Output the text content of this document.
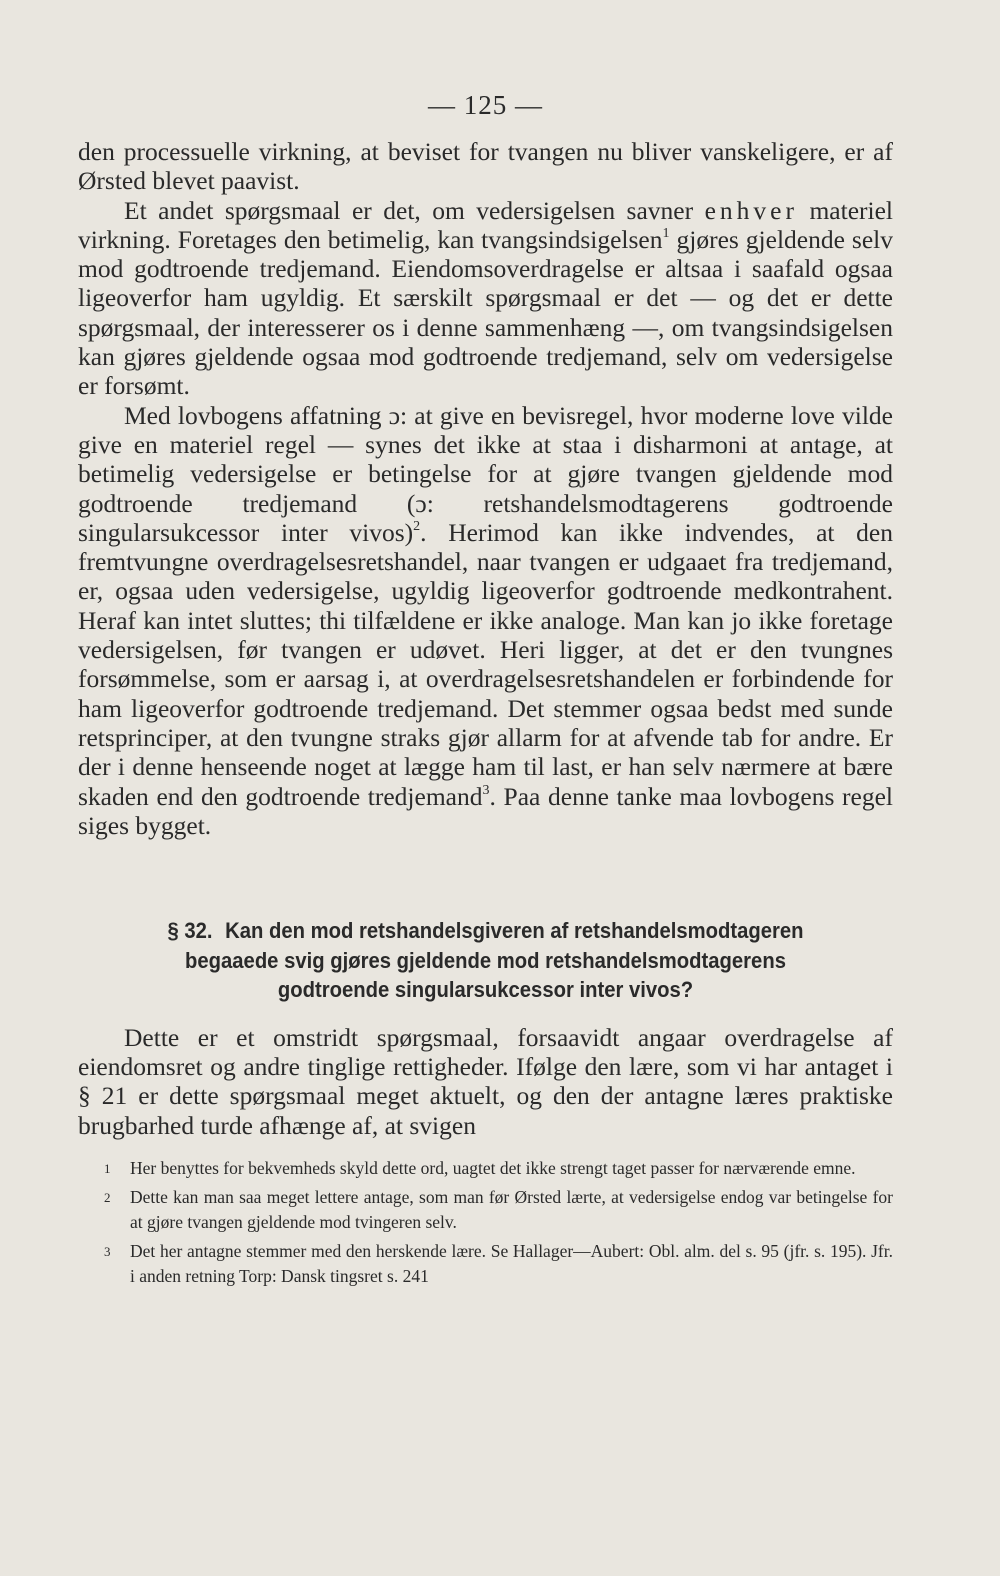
— 125 —

den processuelle virkning, at beviset for tvangen nu bliver vanskeligere, er af Ørsted blevet paavist.

Et andet spørgsmaal er det, om vedersigelsen savner enhver materiel virkning. Foretages den betimelig, kan tvangsindsigelsen$^1$ gjøres gjeldende selv mod godtroende tredjemand. Eiendomsoverdragelse er altsaa i saafald ogsaa ligeoverfor ham ugyldig. Et særskilt spørgsmaal er det — og det er dette spørgsmaal, der interesserer os i denne sammenhæng —, om tvangsindsigelsen kan gjøres gjeldende ogsaa mod godtroende tredjemand, selv om vedersigelse er forsømt.

Med lovbogens affatning ɔ: at give en bevisregel, hvor moderne love vilde give en materiel regel — synes det ikke at staa i disharmoni at antage, at betimelig vedersigelse er betingelse for at gjøre tvangen gjeldende mod godtroende tredjemand (ɔ: retshandelsmodtagerens godtroende singularsukcessor inter vivos)$^2$. Herimod kan ikke indvendes, at den fremtvungne overdragelsesretshandel, naar tvangen er udgaaet fra tredjemand, er, ogsaa uden vedersigelse, ugyldig ligeoverfor godtroende medkontrahent. Heraf kan intet sluttes; thi tilfældene er ikke analoge. Man kan jo ikke foretage vedersigelsen, før tvangen er udøvet. Heri ligger, at det er den tvungnes forsømmelse, som er aarsag i, at overdragelsesretshandelen er forbindende for ham ligeoverfor godtroende tredjemand. Det stemmer ogsaa bedst med sunde retsprinciper, at den tvungne straks gjør allarm for at afvende tab for andre. Er der i denne henseende noget at lægge ham til last, er han selv nærmere at bære skaden end den godtroende tredjemand$^3$. Paa denne tanke maa lovbogens regel siges bygget.

§ 32. Kan den mod retshandelsgiveren af retshandelsmodtageren
begaaede svig gjøres gjeldende mod retshandelsmodtagerens
godtroende singularsukcessor inter vivos?

Dette er et omstridt spørgsmaal, forsaavidt angaar overdragelse af eiendomsret og andre tinglige rettigheder. Ifølge den lære, som vi har antaget i § 21 er dette spørgsmaal meget aktuelt, og den der antagne læres praktiske brugbarhed turde afhænge af, at svigen

1 Her benyttes for bekvemheds skyld dette ord, uagtet det ikke strengt taget passer for nærværende emne.
2 Dette kan man saa meget lettere antage, som man før Ørsted lærte, at vedersigelse endog var betingelse for at gjøre tvangen gjeldende mod tvingeren selv.
3 Det her antagne stemmer med den herskende lære. Se Hallager—Aubert: Obl. alm. del s. 95 (jfr. s. 195). Jfr. i anden retning Torp: Dansk tingsret s. 241
